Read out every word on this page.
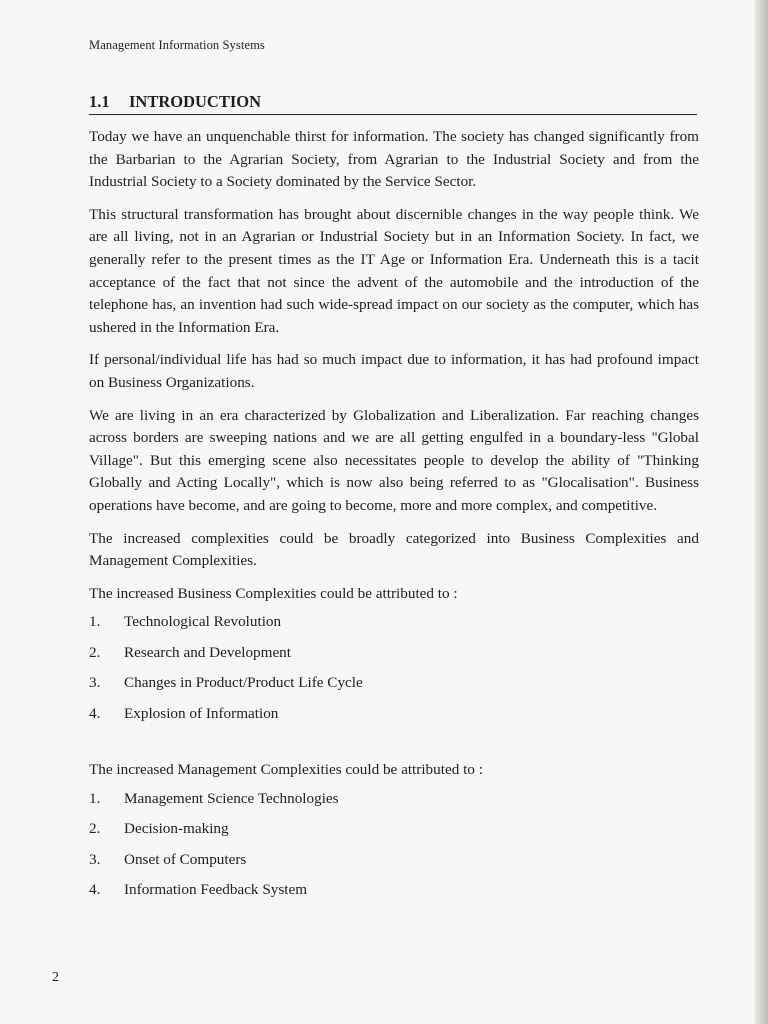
Management Information Systems
1.1 INTRODUCTION

Today we have an unquenchable thirst for information. The society has changed significantly from the Barbarian to the Agrarian Society, from Agrarian to the Industrial Society and from the Industrial Society to a Society dominated by the Service Sector.

This structural transformation has brought about discernible changes in the way people think. We are all living, not in an Agrarian or Industrial Society but in an Information Society. In fact, we generally refer to the present times as the IT Age or Information Era. Underneath this is a tacit acceptance of the fact that not since the advent of the automobile and the introduction of the telephone has, an invention had such wide-spread impact on our society as the computer, which has ushered in the Information Era.

If personal/individual life has had so much impact due to information, it has had profound impact on Business Organizations.

We are living in an era characterized by Globalization and Liberalization. Far reaching changes across borders are sweeping nations and we are all getting engulfed in a boundary-less "Global Village". But this emerging scene also necessitates people to develop the ability of "Thinking Globally and Acting Locally", which is now also being referred to as "Glocalisation". Business operations have become, and are going to become, more and more complex, and competitive.

The increased complexities could be broadly categorized into Business Complexities and Management Complexities.

The increased Business Complexities could be attributed to :

1. Technological Revolution
2. Research and Development
3. Changes in Product/Product Life Cycle
4. Explosion of Information

The increased Management Complexities could be attributed to :

1. Management Science Technologies
2. Decision-making
3. Onset of Computers
4. Information Feedback System
2
